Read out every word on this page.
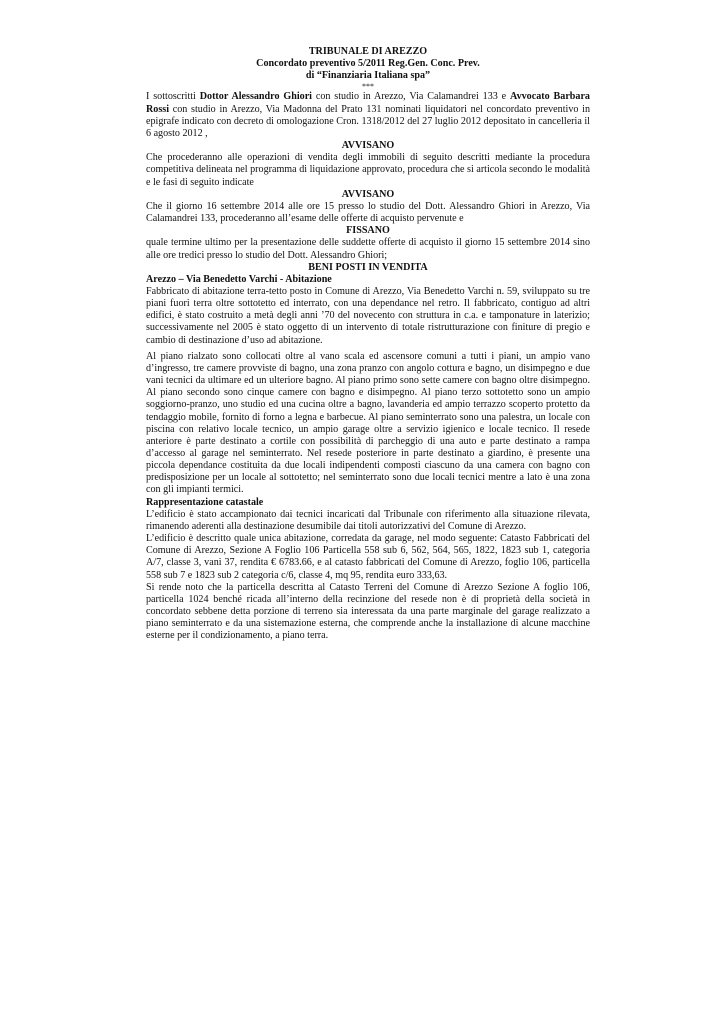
TRIBUNALE DI AREZZO
Concordato preventivo 5/2011 Reg.Gen. Conc. Prev.
di “Finanziaria Italiana spa”
***

I sottoscritti Dottor Alessandro Ghiori con studio in Arezzo, Via Calamandrei 133 e Avvocato Barbara Rossi con studio in Arezzo, Via Madonna del Prato 131 nominati liquidatori nel concordato preventivo in epigrafe indicato con decreto di omologazione Cron. 1318/2012 del 27 luglio 2012 depositato in cancelleria il 6 agosto 2012 ,

AVVISANO

Che procederanno alle operazioni di vendita degli immobili di seguito descritti mediante la procedura competitiva delineata nel programma di liquidazione approvato, procedura che si articola secondo le modalità e le fasi di seguito indicate

AVVISANO

Che il giorno 16 settembre 2014 alle ore 15 presso lo studio del Dott. Alessandro Ghiori in Arezzo, Via Calamandrei 133, procederanno all’esame delle offerte di acquisto pervenute e

FISSANO

quale termine ultimo per la presentazione delle suddette offerte di acquisto il giorno 15 settembre 2014 sino alle ore tredici presso lo studio del Dott. Alessandro Ghiori;

BENI POSTI IN VENDITA
Arezzo – Via Benedetto Varchi - Abitazione

Fabbricato di abitazione terra-tetto posto in Comune di Arezzo, Via Benedetto Varchi n. 59, sviluppato su tre piani fuori terra oltre sottotetto ed interrato, con una dependance nel retro. Il fabbricato, contiguo ad altri edifici, è stato costruito a metà degli anni ’70 del novecento con struttura in c.a. e tamponature in laterizio; successivamente nel 2005 è stato oggetto di un intervento di totale ristrutturazione con finiture di pregio e cambio di destinazione d’uso ad abitazione.

Al piano rialzato sono collocati oltre al vano scala ed ascensore comuni a tutti i piani, un ampio vano d’ingresso, tre camere provviste di bagno, una zona pranzo con angolo cottura e bagno, un disimpegno e due vani tecnici da ultimare ed un ulteriore bagno. Al piano primo sono sette camere con bagno oltre disimpegno. Al piano secondo sono cinque camere con bagno e disimpegno. Al piano terzo sottotetto sono un ampio soggiorno-pranzo, uno studio ed una cucina oltre a bagno, lavanderia ed ampio terrazzo scoperto protetto da tendaggio mobile, fornito di forno a legna e barbecue. Al piano seminterrato sono una palestra, un locale con piscina con relativo locale tecnico, un ampio garage oltre a servizio igienico e locale tecnico. Il resede anteriore è parte destinato a cortile con possibilità di parcheggio di una auto e parte destinato a rampa d’accesso al garage nel seminterrato. Nel resede posteriore in parte destinato a giardino, è presente una piccola dependance costituita da due locali indipendenti composti ciascuno da una camera con bagno con predisposizione per un locale al sottotetto; nel seminterrato sono due locali tecnici mentre a lato è una zona con gli impianti termici.

Rappresentazione catastale

L’edificio è stato accampionato dai tecnici incaricati dal Tribunale con riferimento alla situazione rilevata, rimanendo aderenti alla destinazione desumibile dai titoli autorizzativi del Comune di Arezzo.

L’edificio è descritto quale unica abitazione, corredata da garage, nel modo seguente: Catasto Fabbricati del Comune di Arezzo, Sezione A Foglio 106 Particella 558 sub 6, 562, 564, 565, 1822, 1823 sub 1, categoria A/7, classe 3, vani 37, rendita € 6783.66, e al catasto fabbricati del Comune di Arezzo, foglio 106, particella 558 sub 7 e 1823 sub 2 categoria c/6, classe 4, mq 95, rendita euro 333,63.

Si rende noto che la particella descritta al Catasto Terreni del Comune di Arezzo Sezione A foglio 106, particella 1024 benché ricada all’interno della recinzione del resede non è di proprietà della società in concordato sebbene detta porzione di terreno sia interessata da una parte marginale del garage realizzato a piano seminterrato e da una sistemazione esterna, che comprende anche la installazione di alcune macchine esterne per il condizionamento, a piano terra.
